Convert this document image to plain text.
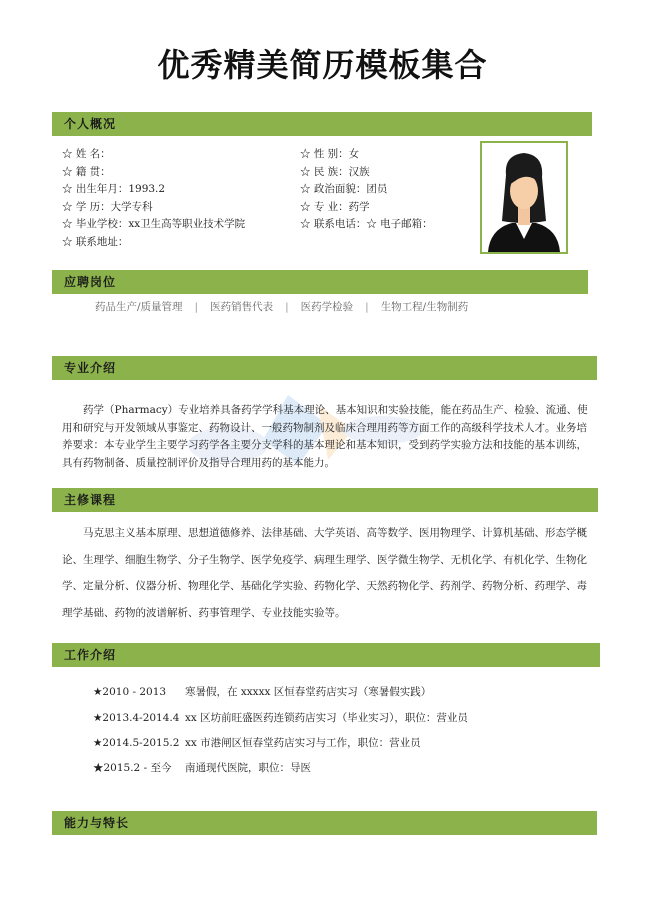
优秀精美简历模板集合
个人概况
☆ 姓 名：
☆ 籍 贯：
☆ 出生年月：1993.2
☆ 学 历：大学专科
☆ 毕业学校：xx卫生高等职业技术学院
☆ 联系地址：
☆ 性 别：女
☆ 民 族：汉族
☆ 政治面貌：团员
☆ 专 业：药学
☆ 联系电话：☆ 电子邮箱：
应聘岗位
药品生产/质量管理 | 医药销售代表 | 医药学检验 | 生物工程/生物制药
专业介绍
药学（Pharmacy）专业培养具备药学学科基本理论、基本知识和实验技能，能在药品生产、检验、流通、使用和研究与开发领域从事鉴定、药物设计、一般药物制剂及临床合理用药等方面工作的高级科学技术人才。业务培养要求：本专业学生主要学习药学各主要分支学科的基本理论和基本知识，受到药学实验方法和技能的基本训练，具有药物制备、质量控制评价及指导合理用药的基本能力。
主修课程
马克思主义基本原理、思想道德修养、法律基础、大学英语、高等数学、医用物理学、计算机基础、形态学概论、生理学、细胞生物学、分子生物学、医学免疫学、病理生理学、医学微生物学、无机化学、有机化学、生物化学、定量分析、仪器分析、物理化学、基础化学实验、药物化学、天然药物化学、药剂学、药物分析、药理学、毒理学基础、药物的波谱解析、药事管理学、专业技能实验等。
工作介绍
★2010 - 2013 寒暑假，在 xxxxx 区恒春堂药店实习（寒暑假实践）
★2013.4-2014.4 xx 区坊前旺盛医药连锁药店实习（毕业实习），职位：营业员
★2014.5-2015.2 xx 市港闸区恒春堂药店实习与工作，职位：营业员
★2015.2 - 至今 南通现代医院，职位：导医
能力与特长
